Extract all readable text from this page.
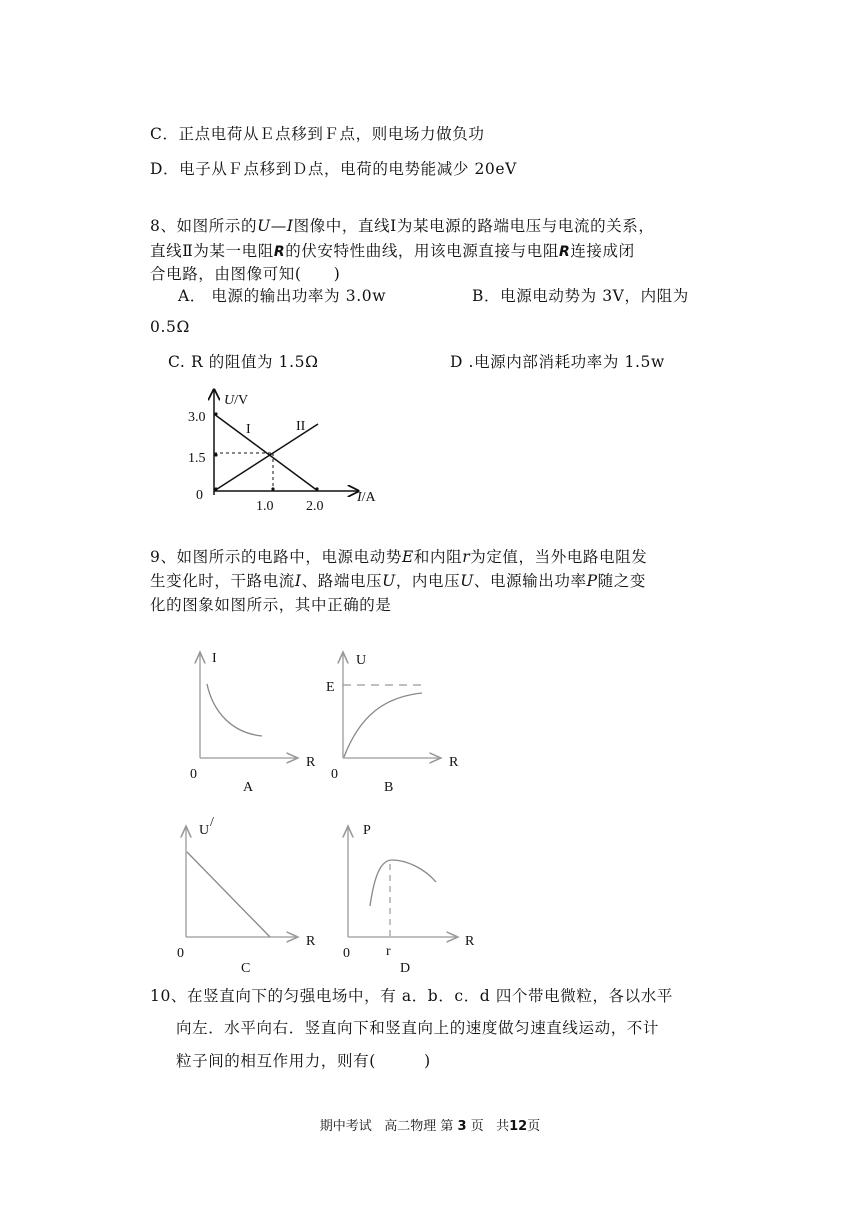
C．正点电荷从Ｅ点移到Ｆ点，则电场力做负功
D．电子从Ｆ点移到Ｄ点，电荷的电势能减少 20eV
8、如图所示的U—I图像中，直线Ⅰ为某电源的路端电压与电流的关系，
直线Ⅱ为某一电阻R的伏安特性曲线，用该电源直接与电阻R连接成闭
合电路，由图像可知(　　)
A． 电源的输出功率为 3.0w	B．电源电动势为 3V，内阻为
0.5Ω
C. R 的阻值为 1.5Ω	D .电源内部消耗功率为 1.5w
U/V
3.0
1.5
0
1.0 2.0
I/A
I	II
9、如图所示的电路中，电源电动势E和内阻r为定值，当外电路电阻发
生变化时，干路电流I、路端电压U，内电压U、电源输出功率P随之变
化的图象如图所示，其中正确的是
I
R
0
A
U
E
R
0
B
U
/
R
0
C
P
R
0	r
D
10、在竖直向下的匀强电场中，有 a．b．c．d 四个带电微粒，各以水平
向左．水平向右．竖直向下和竖直向上的速度做匀速直线运动，不计
粒子间的相互作用力，则有(　　　)
期中考试 高二物理 第 3 页 共12页
